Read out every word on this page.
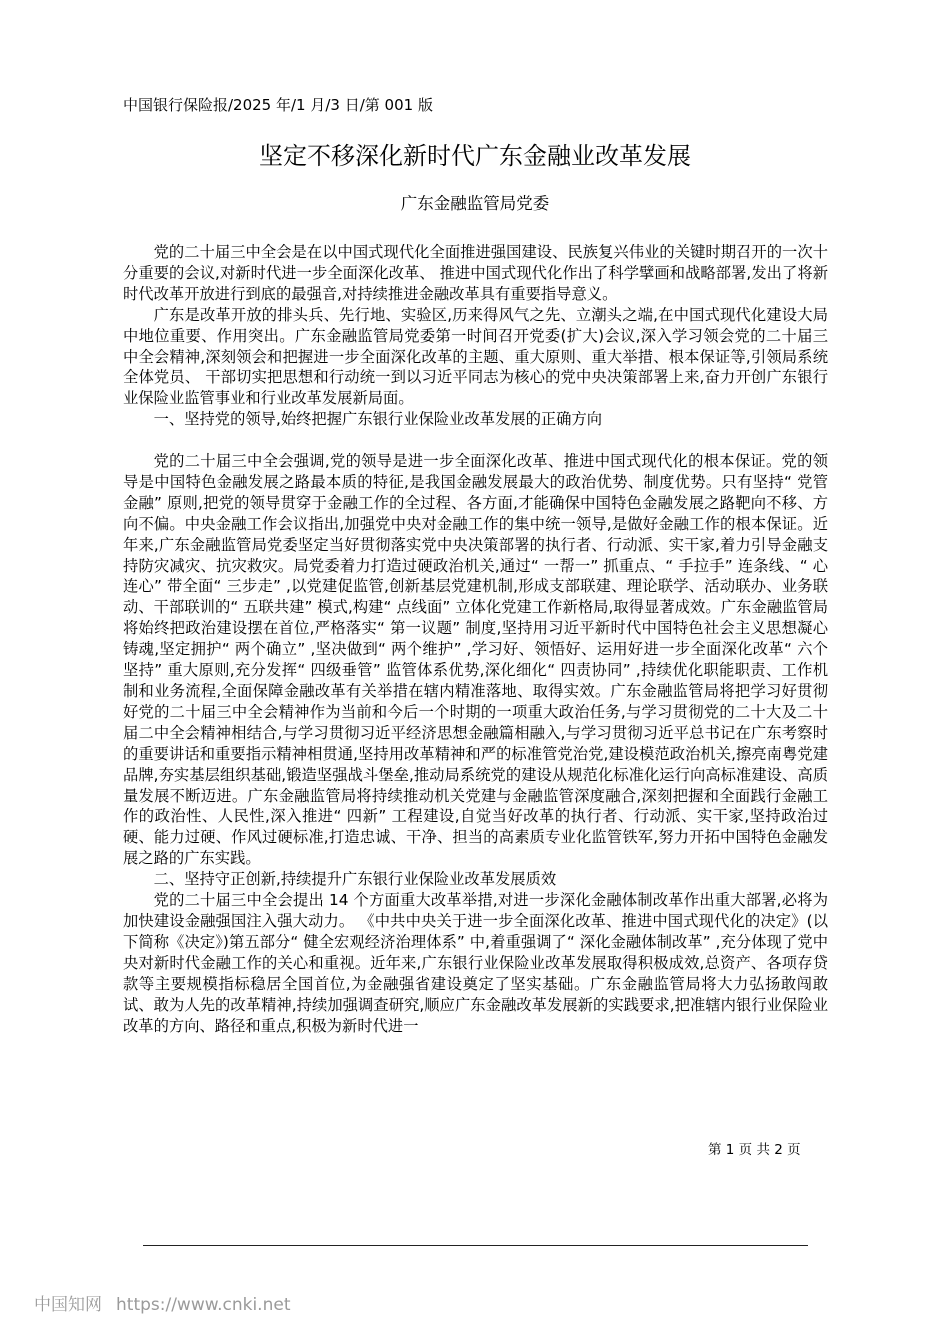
中国银行保险报/2025 年/1 月/3 日/第 001 版
坚定不移深化新时代广东金融业改革发展
广东金融监管局党委

党的二十届三中全会是在以中国式现代化全面推进强国建设、民族复兴伟业的关键时期召开的一次十分重要的会议,对新时代进一步全面深化改革、 推进中国式现代化作出了科学擘画和战略部署,发出了将新时代改革开放进行到底的最强音,对持续推进金融改革具有重要指导意义。

广东是改革开放的排头兵、先行地、实验区,历来得风气之先、立潮头之端,在中国式现代化建设大局中地位重要、作用突出。广东金融监管局党委第一时间召开党委(扩大)会议,深入学习领会党的二十届三中全会精神,深刻领会和把握进一步全面深化改革的主题、重大原则、重大举措、根本保证等,引领局系统全体党员、 干部切实把思想和行动统一到以习近平同志为核心的党中央决策部署上来,奋力开创广东银行业保险业监管事业和行业改革发展新局面。

一、坚持党的领导,始终把握广东银行业保险业改革发展的正确方向

党的二十届三中全会强调,党的领导是进一步全面深化改革、推进中国式现代化的根本保证。党的领导是中国特色金融发展之路最本质的特征,是我国金融发展最大的政治优势、制度优势。只有坚持“ 党管金融” 原则,把党的领导贯穿于金融工作的全过程、各方面,才能确保中国特色金融发展之路靶向不移、方向不偏。中央金融工作会议指出,加强党中央对金融工作的集中统一领导,是做好金融工作的根本保证。近年来,广东金融监管局党委坚定当好贯彻落实党中央决策部署的执行者、行动派、实干家,着力引导金融支持防灾减灾、抗灾救灾。局党委着力打造过硬政治机关,通过“ 一帮一” 抓重点、“ 手拉手” 连条线、“ 心连心” 带全面“ 三步走” ,以党建促监管,创新基层党建机制,形成支部联建、理论联学、活动联办、业务联动、干部联训的“ 五联共建” 模式,构建“ 点线面” 立体化党建工作新格局,取得显著成效。广东金融监管局将始终把政治建设摆在首位,严格落实“ 第一议题” 制度,坚持用习近平新时代中国特色社会主义思想凝心铸魂,坚定拥护“ 两个确立” ,坚决做到“ 两个维护” ,学习好、领悟好、运用好进一步全面深化改革“ 六个坚持” 重大原则,充分发挥“ 四级垂管” 监管体系优势,深化细化“ 四责协同” ,持续优化职能职责、工作机制和业务流程,全面保障金融改革有关举措在辖内精准落地、取得实效。广东金融监管局将把学习好贯彻好党的二十届三中全会精神作为当前和今后一个时期的一项重大政治任务,与学习贯彻党的二十大及二十届二中全会精神相结合,与学习贯彻习近平经济思想金融篇相融入,与学习贯彻习近平总书记在广东考察时的重要讲话和重要指示精神相贯通,坚持用改革精神和严的标准管党治党,建设模范政治机关,擦亮南粤党建品牌,夯实基层组织基础,锻造坚强战斗堡垒,推动局系统党的建设从规范化标准化运行向高标准建设、高质量发展不断迈进。广东金融监管局将持续推动机关党建与金融监管深度融合,深刻把握和全面践行金融工作的政治性、人民性,深入推进“ 四新” 工程建设,自觉当好改革的执行者、行动派、实干家,坚持政治过硬、能力过硬、作风过硬标准,打造忠诚、干净、担当的高素质专业化监管铁军,努力开拓中国特色金融发展之路的广东实践。

二、坚持守正创新,持续提升广东银行业保险业改革发展质效

党的二十届三中全会提出 14 个方面重大改革举措,对进一步深化金融体制改革作出重大部署,必将为加快建设金融强国注入强大动力。 《中共中央关于进一步全面深化改革、推进中国式现代化的决定》(以下简称《决定》)第五部分“ 健全宏观经济治理体系” 中,着重强调了“ 深化金融体制改革” ,充分体现了党中央对新时代金融工作的关心和重视。近年来,广东银行业保险业改革发展取得积极成效,总资产、各项存贷款等主要规模指标稳居全国首位,为金融强省建设奠定了坚实基础。广东金融监管局将大力弘扬敢闯敢试、敢为人先的改革精神,持续加强调查研究,顺应广东金融改革发展新的实践要求,把准辖内银行业保险业改革的方向、路径和重点,积极为新时代进一

第 1 页 共 2 页
中国知网 https://www.cnki.net
